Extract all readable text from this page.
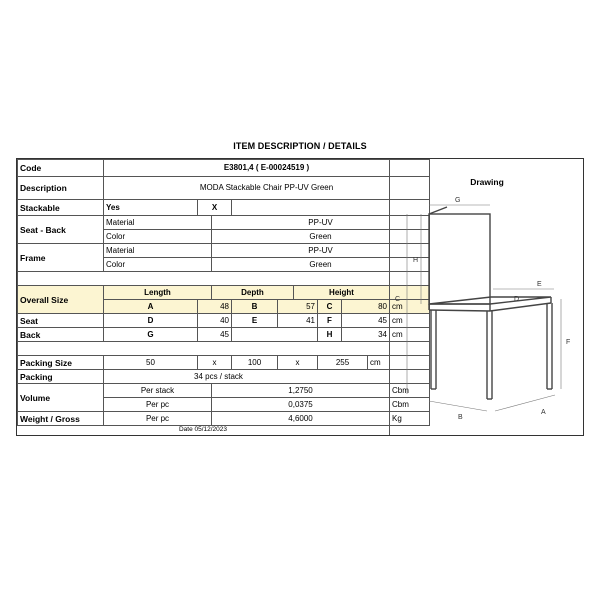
ITEM DESCRIPTION / DETAILS
Code	E3801,4 ( E-00024519 )									
Description	MODA Stackable Chair PP-UV Green									
Stackable	Yes	X								
Seat - Back	Material		PP-UV							
	Color		Green							
Frame	Material		PP-UV							
	Color		Green							

Overall Size	Length		Depth			Height				
	A	48		B	57		C	80		cm
Seat	D	40		E	41		F	45		cm
Back	G	45					H	34		cm

Packing Size	50	x		100	x		255		cm	
Packing	34 pcs / stack									
Volume	Per stack		1,2750							Cbm
	Per pc		0,0375							Cbm
Weight / Gross	Per pc		4,6000							Kg
Date 05/12/2023
Drawing
G
H
C	D
E
F
B
A
